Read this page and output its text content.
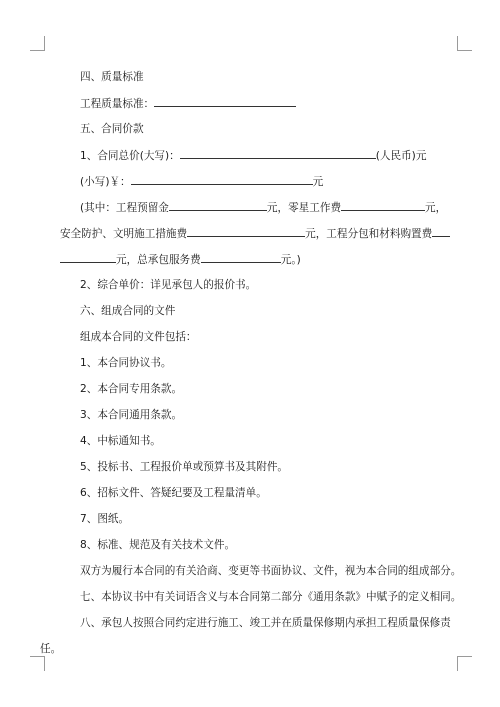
四、质量标准
工程质量标准：
五、合同价款
1、合同总价(大写)：	(人民币)元
(小写)￥：	元
(其中：工程预留金	元，零星工作费	元，
安全防护、文明施工措施费	元，工程分包和材料购置费
元，总承包服务费	元。)
2、综合单价：详见承包人的报价书。
六、组成合同的文件
组成本合同的文件包括：
1、本合同协议书。
2、本合同专用条款。
3、本合同通用条款。
4、中标通知书。
5、投标书、工程报价单或预算书及其附件。
6、招标文件、答疑纪要及工程量清单。
7、图纸。
8、标准、规范及有关技术文件。
双方为履行本合同的有关洽商、变更等书面协议、文件，视为本合同的组成部分。
七、本协议书中有关词语含义与本合同第二部分《通用条款》中赋予的定义相同。
八、承包人按照合同约定进行施工、竣工并在质量保修期内承担工程质量保修责
任。
